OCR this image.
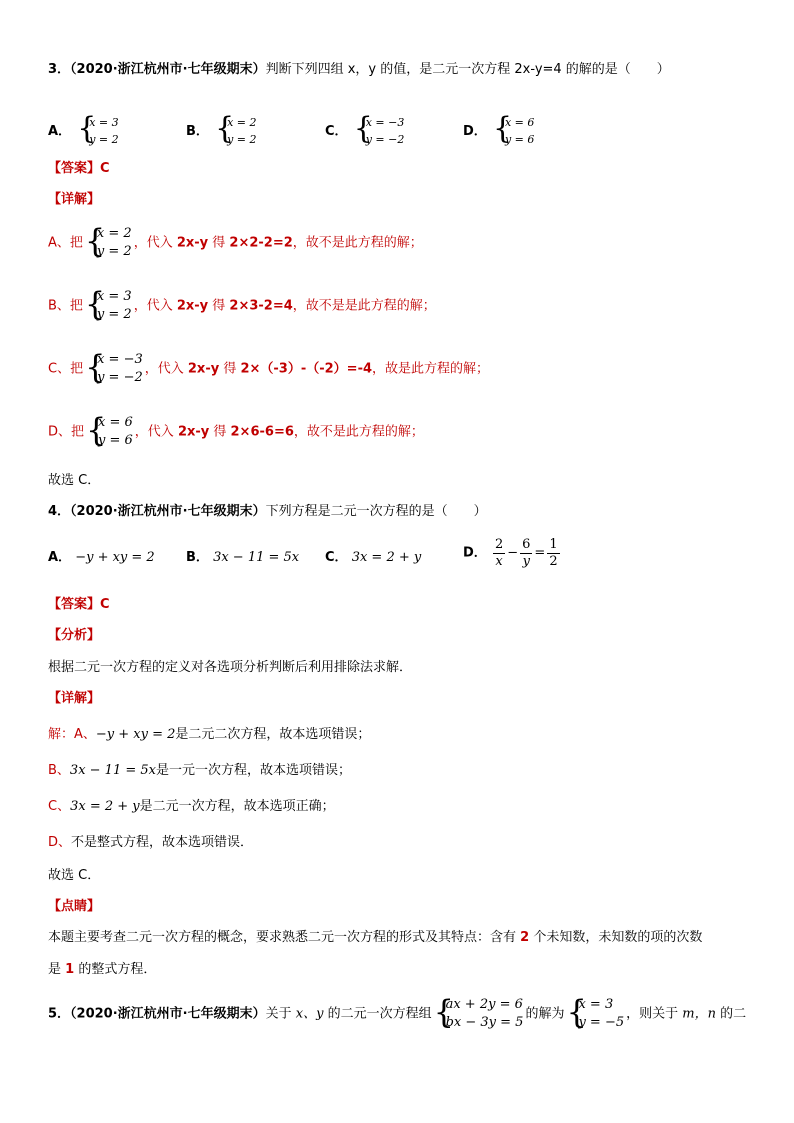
3．（2020·浙江杭州市·七年级期末）判断下列四组 x，y 的值，是二元一次方程 2x-y=4 的解的是（　　）
A． {
x = 3
y = 2
B． {
x = 2
y = 2
C． {
x = −3
y = −2
D． {
x = 6
y = 6
【答案】C
【详解】
A、把 {
x = 2
y = 2
，代入 2x-y 得 2×2-2=2，故不是此方程的解；
B、把 {
x = 3
y = 2
，代入 2x-y 得 2×3-2=4，故不是是此方程的解；
C、把 {
x = −3
y = −2
，代入 2x-y 得 2×（-3）-（-2）=-4，故是此方程的解；
D、把 {
x = 6
y = 6
，代入 2x-y 得 2×6-6=6，故不是此方程的解；
故选 C．
4．（2020·浙江杭州市·七年级期末）下列方程是二元一次方程的是（　　）
A． −y + xy = 2 B． 3x − 11 = 5x C． 3x = 2 + y	D． $\frac{2}{x} - \frac{6}{y} = \frac{1}{2}$
【答案】C
【分析】
根据二元一次方程的定义对各选项分析判断后利用排除法求解．
【详解】
解：A、−y + xy = 2是二元二次方程，故本选项错误；
B、3x − 11 = 5x是一元一次方程，故本选项错误；
C、3x = 2 + y是二元一次方程，故本选项正确；
D、不是整式方程，故本选项错误．
故选 C．
【点睛】
本题主要考查二元一次方程的概念，要求熟悉二元一次方程的形式及其特点：含有 2 个未知数，未知数的项的次数
是 1 的整式方程．
5．（2020·浙江杭州市·七年级期末）关于 x、y 的二元一次方程组 {
ax + 2y = 6
bx − 3y = 5
的解为 {
x = 3
y = −5
，则关于 m，n 的二
